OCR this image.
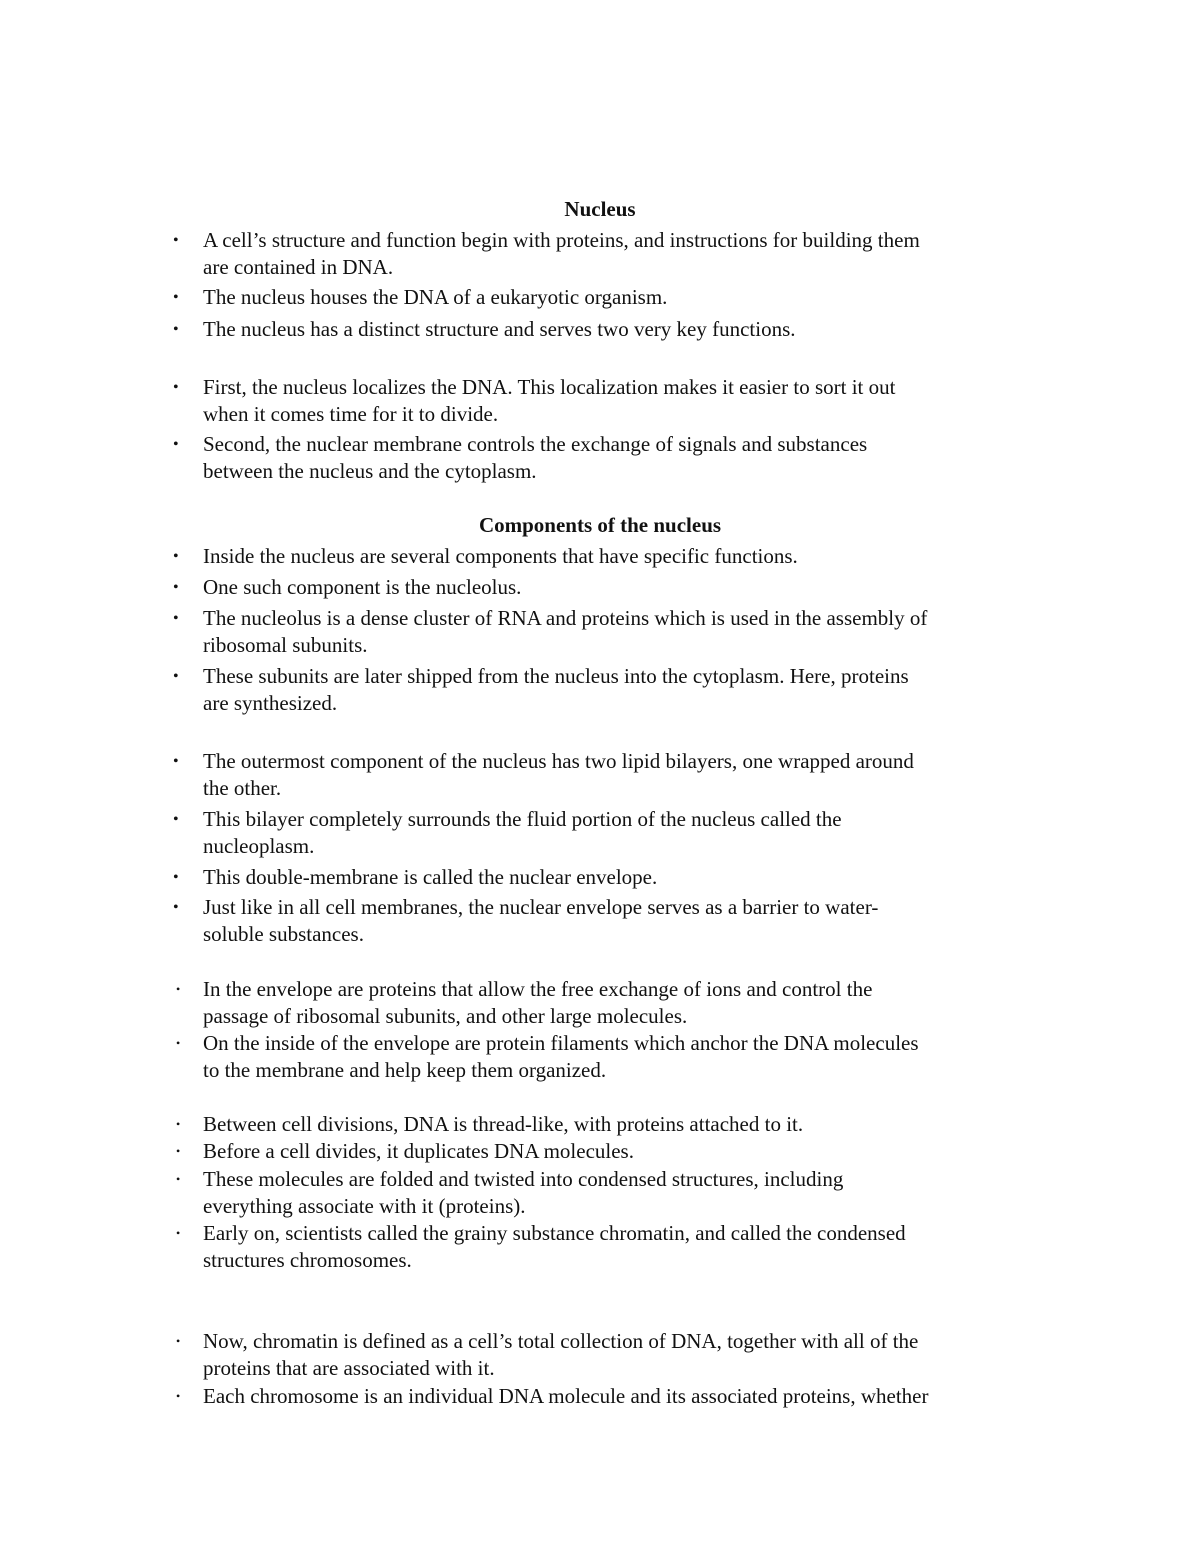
Nucleus
•	A cell’s structure and function begin with proteins, and instructions for building them
are contained in DNA.
•	The nucleus houses the DNA of a eukaryotic organism.
•	The nucleus has a distinct structure and serves two very key functions.
•	First, the nucleus localizes the DNA. This localization makes it easier to sort it out
when it comes time for it to divide.
•	Second, the nuclear membrane controls the exchange of signals and substances
between the nucleus and the cytoplasm.
Components of the nucleus
•	Inside the nucleus are several components that have specific functions.
•	One such component is the nucleolus.
•	The nucleolus is a dense cluster of RNA and proteins which is used in the assembly of
ribosomal subunits.
•	These subunits are later shipped from the nucleus into the cytoplasm. Here, proteins
are synthesized.
•	The outermost component of the nucleus has two lipid bilayers, one wrapped around
the other.
•	This bilayer completely surrounds the fluid portion of the nucleus called the
nucleoplasm.
•	This double-membrane is called the nuclear envelope.
•	Just like in all cell membranes, the nuclear envelope serves as a barrier to water-
soluble substances.
•	In the envelope are proteins that allow the free exchange of ions and control the
passage of ribosomal subunits, and other large molecules.
•	On the inside of the envelope are protein filaments which anchor the DNA molecules
to the membrane and help keep them organized.
•	Between cell divisions, DNA is thread-like, with proteins attached to it.
•	Before a cell divides, it duplicates DNA molecules.
•	These molecules are folded and twisted into condensed structures, including
everything associate with it (proteins).
•	Early on, scientists called the grainy substance chromatin, and called the condensed
structures chromosomes.
•	Now, chromatin is defined as a cell’s total collection of DNA, together with all of the
proteins that are associated with it.
•	Each chromosome is an individual DNA molecule and its associated proteins, whether
